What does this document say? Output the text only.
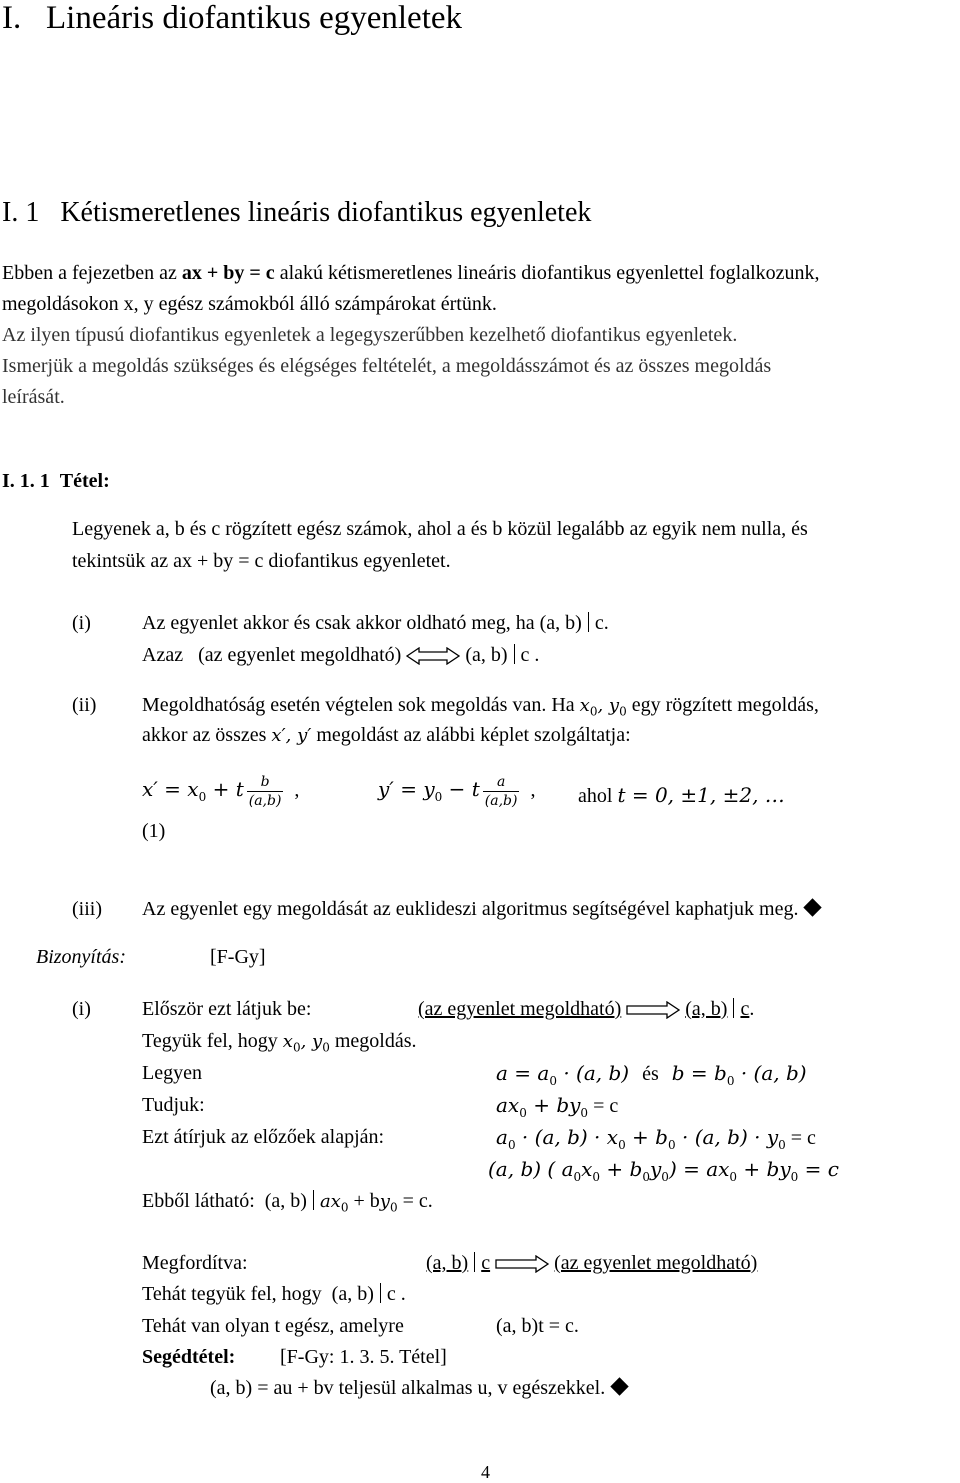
I.   Lineáris diofantikus egyenletek
I. 1   Kétismeretlenes lineáris diofantikus egyenletek
Ebben a fejezetben az ax + by = c alakú kétismeretlenes lineáris diofantikus egyenlettel foglalkozunk,
megoldásokon x, y egész számokból álló számpárokat értünk.
Az ilyen típusú diofantikus egyenletek a legegyszerűbben kezelhető diofantikus egyenletek.
Ismerjük a megoldás szükséges és elégséges feltételét, a megoldásszámot és az összes megoldás
leírását.
I. 1. 1  Tétel:
Legyenek a, b és c rögzített egész számok, ahol a és b közül legalább az egyik nem nulla, és
tekintsük az ax + by = c diofantikus egyenletet.
(i)	Az egyenlet akkor és csak akkor oldható meg, ha (a, b) c.
Azaz   (az egyenlet megoldható)	(a, b) c .
(ii) Megoldhatóság esetén végtelen sok megoldás van. Ha $x_0$, $y_0$ egy rögzített megoldás,
akkor az összes x′, y′ megoldást az alábbi képlet szolgáltatja:
$x' = x_0 + t \frac{b}{(a,b)}$ ,	$y' = y_0 - t \frac{a}{(a,b)}$ , ahol t = 0, ±1, ±2, …
(1)
(iii) Az egyenlet egy megoldását az euklideszi algoritmus segítségével kaphatjuk meg.
Bizonyítás:	[F-Gy]
(i)	Először ezt látjuk be:	(az egyenlet megoldható)	(a, b) c.
Tegyük fel, hogy $x_0$, $y_0$ megoldás.
Legyen	$a = a_0 \cdot (a$, b) és $b = b_0 \cdot (a$, b)
Tudjuk:	$ax_0 + by_0 = c$
Ezt átírjuk az előzőek alapján:	$a_0 \cdot (a$, $b) \cdot x_0 + b_0 \cdot (a$, $b) \cdot y_0 = c$
(a, b) ( $a_0x_0 + b_0y_0) = ax_0 + by_0 = c$
Ebből látható:  (a, b) $ax_0 + by_0 = c$.
Megfordítva:	(a, b) c	(az egyenlet megoldható)
Tehát tegyük fel, hogy  (a, b) c .
Tehát van olyan t egész, amelyre	(a, b)t = c.
Segédtétel: [F-Gy: 1. 3. 5. Tétel]
(a, b) = au + bv teljesül alkalmas u, v egészekkel.
4
